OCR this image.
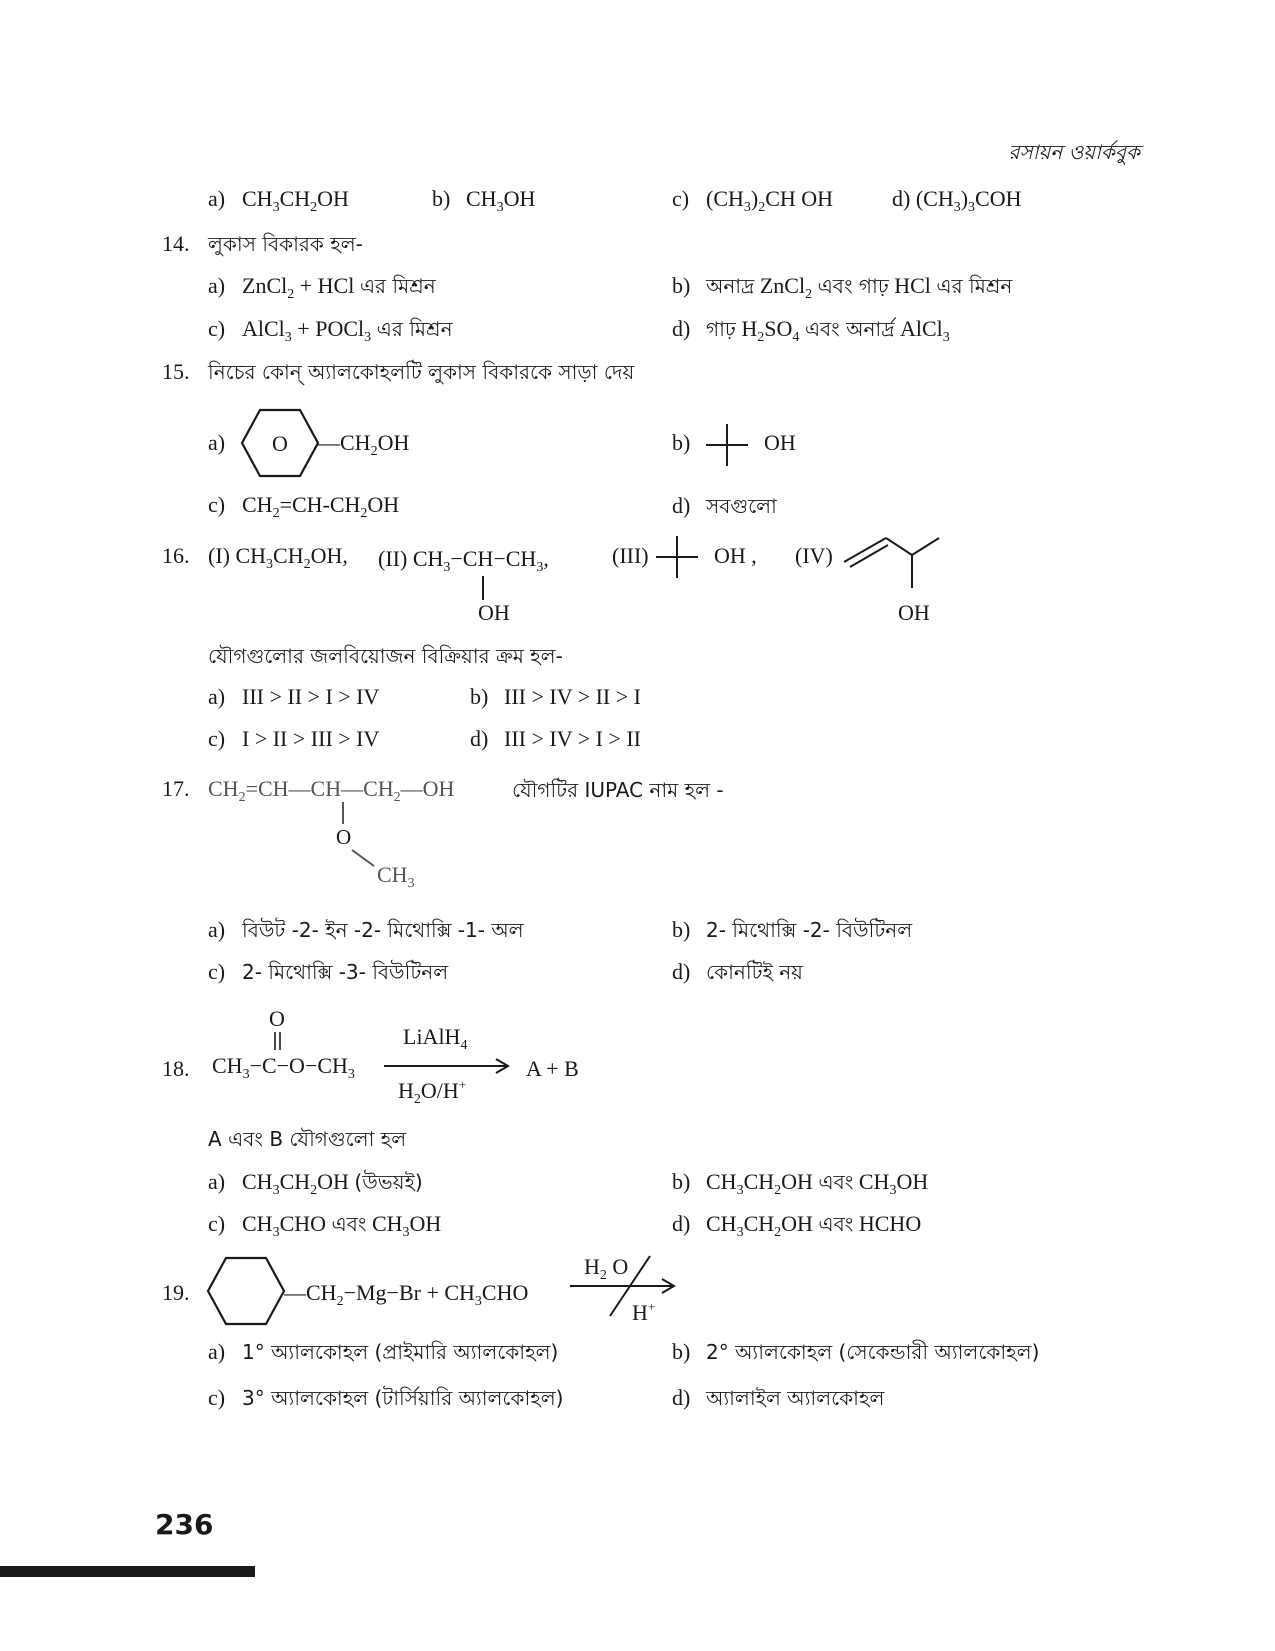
রসায়ন ওয়ার্কবুক
a) $CH_3CH_2OH$	b) $CH_3OH$	c) $(CH_3)_2CH$ OH	d) $(CH_3)_3COH$
14. লুকাস বিকারক হল-
a) ZnCl$_2$ + HCl এর মিশ্রন	b) অনাদ্র ZnCl$_2$ এবং গাঢ় HCl এর মিশ্রন
c) AlCl$_3$ + POCl$_3$ এর মিশ্রন	d) গাঢ় $H_2SO_4$ এবং অনার্দ্র AlCl$_3$
15. নিচের কোন্ অ্যালকোহলটি লুকাস বিকারকে সাড়া দেয়
a) O $—CH_2OH$	b)	OH
c) $CH_2=CH-CH_2OH$	d) সবগুলো
16. (I) $CH_3CH_2OH$, (II) $CH_3-CH-CH_3$,
OH
(III)	OH , (IV)
OH
যৌগগুলোর জলবিয়োজন বিক্রিয়ার ক্রম হল-
a) III > II > I > IV	b) III > IV > II > I
c) I > II > III > IV	d) III > IV > I > II
17. $CH_2=CH—CH—CH_2—OH$
O
$CH_3$
যৌগটির IUPAC নাম হল -
a) বিউট -2- ইন -2- মিথোক্সি -1- অল	b) 2- মিথোক্সি -2- বিউটিনল
c) 2- মিথোক্সি -3- বিউটিনল	d) কোনটিই নয়
18.
O
$CH_3-C-O-CH_3$
LiAlH$_4$
$H_2O/H^+$
A + B
A এবং B যৌগগুলো হল
a) $CH_3CH_2OH$ (উভয়ই)	b) $CH_3CH_2OH$ এবং $CH_3OH$
c) $CH_3CHO$ এবং $CH_3OH$	d) $CH_3CH_2OH$ এবং HCHO
19.	$—CH_2-Mg-Br + CH_3CHO$
$H_2$ O
H+
a) 1° অ্যালকোহল (প্রাইমারি অ্যালকোহল)	b) 2° অ্যালকোহল (সেকেন্ডারী অ্যালকোহল)
c) 3° অ্যালকোহল (টার্সিয়ারি অ্যালকোহল)	d) অ্যালাইল অ্যালকোহল
236
